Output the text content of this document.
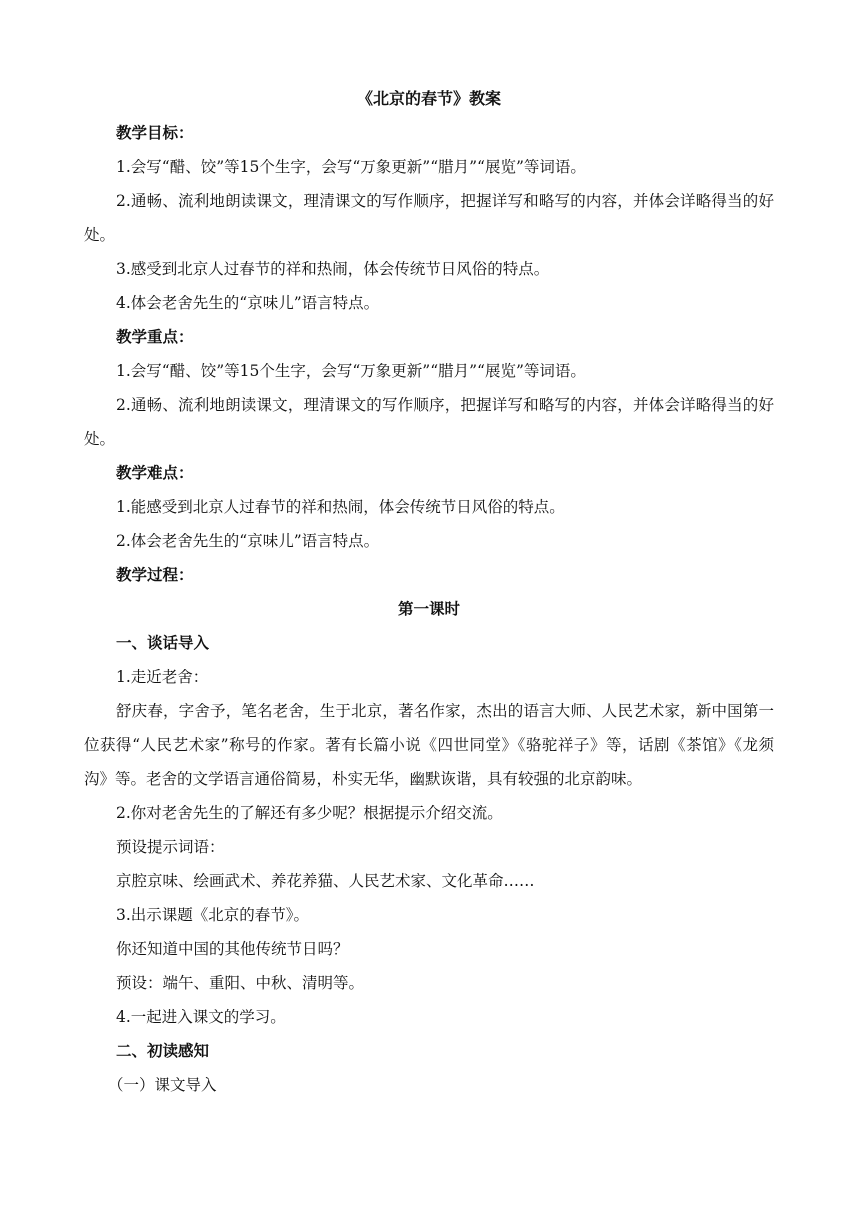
《北京的春节》教案
教学目标：
1.会写“醋、饺”等15个生字，会写“万象更新”“腊月”“展览”等词语。
2.通畅、流利地朗读课文，理清课文的写作顺序，把握详写和略写的内容，并体会详略得当的好处。
3.感受到北京人过春节的祥和热闹，体会传统节日风俗的特点。
4.体会老舍先生的“京味儿”语言特点。
教学重点：
1.会写“醋、饺”等15个生字，会写“万象更新”“腊月”“展览”等词语。
2.通畅、流利地朗读课文，理清课文的写作顺序，把握详写和略写的内容，并体会详略得当的好处。
教学难点：
1.能感受到北京人过春节的祥和热闹，体会传统节日风俗的特点。
2.体会老舍先生的“京味儿”语言特点。
教学过程：
第一课时
一、谈话导入
1.走近老舍：
舒庆春，字舍予，笔名老舍，生于北京，著名作家，杰出的语言大师、人民艺术家，新中国第一位获得“人民艺术家”称号的作家。著有长篇小说《四世同堂》《骆驼祥子》等，话剧《茶馆》《龙须沟》等。老舍的文学语言通俗简易，朴实无华，幽默诙谐，具有较强的北京韵味。
2.你对老舍先生的了解还有多少呢？根据提示介绍交流。
预设提示词语：
京腔京味、绘画武术、养花养猫、人民艺术家、文化革命……
3.出示课题《北京的春节》。
你还知道中国的其他传统节日吗？
预设：端午、重阳、中秋、清明等。
4.一起进入课文的学习。
二、初读感知
（一）课文导入
